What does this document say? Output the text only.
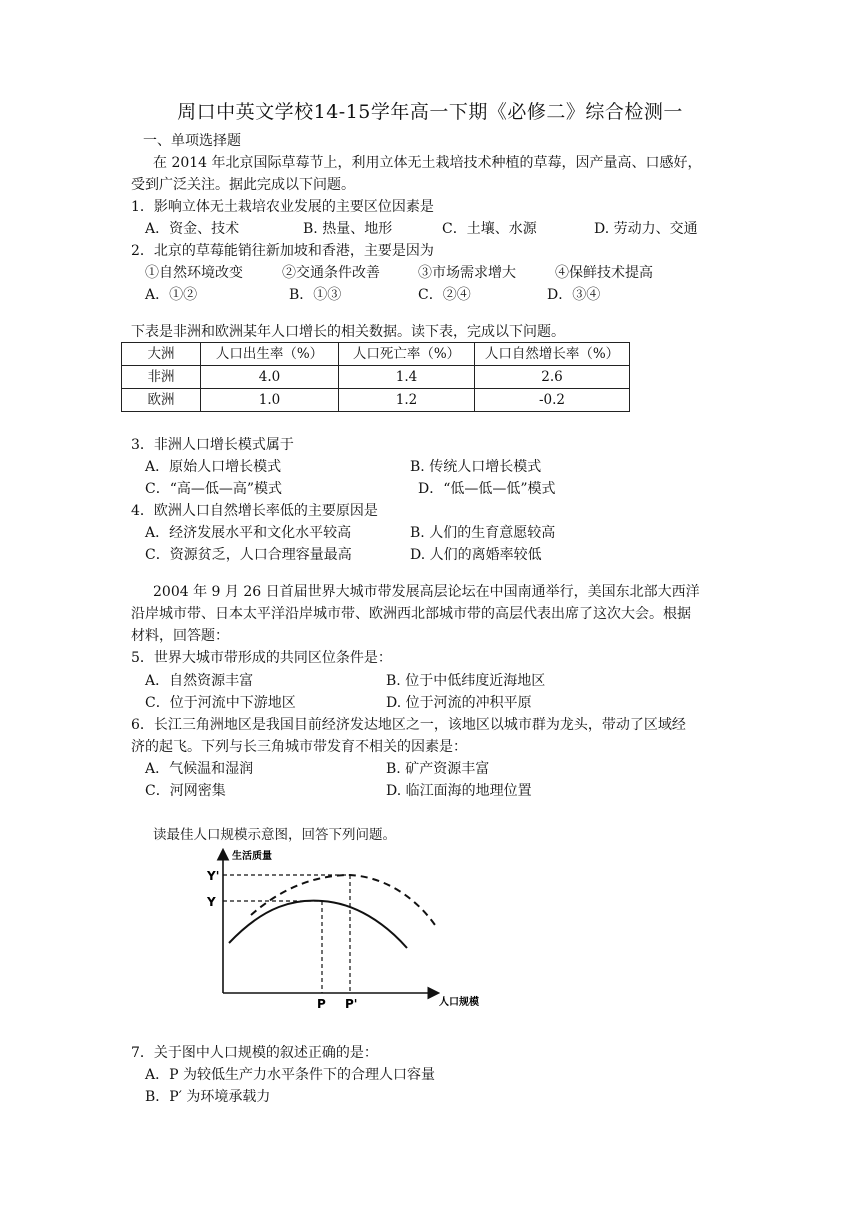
周口中英文学校14-15学年高一下期《必修二》综合检测一
一、单项选择题
在 2014 年北京国际草莓节上，利用立体无土栽培技术种植的草莓，因产量高、口感好，
受到广泛关注。据此完成以下问题。
1．影响立体无土栽培农业发展的主要区位因素是
A．资金、技术	B. 热量、地形	C．土壤、水源	D. 劳动力、交通
2．北京的草莓能销往新加坡和香港，主要是因为
①自然环境改变	②交通条件改善	③市场需求增大	④保鲜技术提高
A．①②	B．①③	C．②④	D．③④
下表是非洲和欧洲某年人口增长的相关数据。读下表，完成以下问题。
大洲	人口出生率（%）	人口死亡率（%）	人口自然增长率（%）
非洲	4.0	1.4	2.6
欧洲	1.0	1.2	-0.2
3．非洲人口增长模式属于
A．原始人口增长模式	B. 传统人口增长模式
C．“高—低—高”模式	D．“低—低—低”模式
4．欧洲人口自然增长率低的主要原因是
A．经济发展水平和文化水平较高	B. 人们的生育意愿较高
C．资源贫乏，人口合理容量最高	D. 人们的离婚率较低
2004 年 9 月 26 日首届世界大城市带发展高层论坛在中国南通举行，美国东北部大西洋
沿岸城市带、日本太平洋沿岸城市带、欧洲西北部城市带的高层代表出席了这次大会。根据
材料，回答题：
5．世界大城市带形成的共同区位条件是：
A．自然资源丰富	B. 位于中低纬度近海地区
C．位于河流中下游地区	D. 位于河流的冲积平原
6．长江三角洲地区是我国目前经济发达地区之一，该地区以城市群为龙头，带动了区域经
济的起飞。下列与长三角城市带发育不相关的因素是：
A．气候温和湿润	B. 矿产资源丰富
C．河网密集	D. 临江面海的地理位置
读最佳人口规模示意图，回答下列问题。
生活质量
Y'
Y
P P'	人口规模
7．关于图中人口规模的叙述正确的是：
A．P 为较低生产力水平条件下的合理人口容量
B．P′ 为环境承载力
